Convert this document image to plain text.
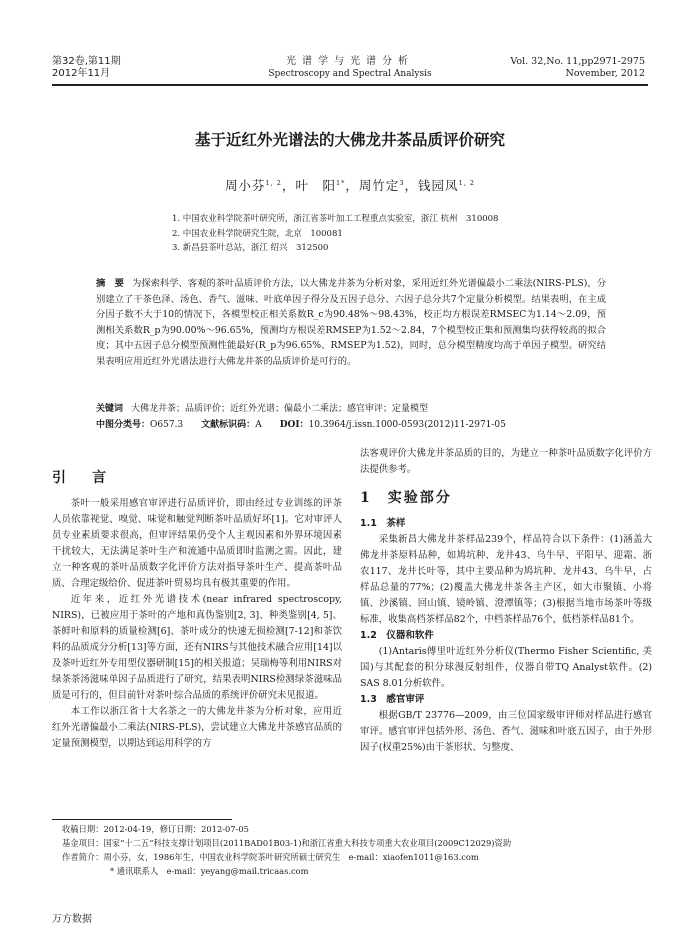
第32卷,第11期
2012年11月
光谱学与光谱分析
Spectroscopy and Spectral Analysis
Vol. 32,No. 11,pp2971-2975
November, 2012
基于近红外光谱法的大佛龙井茶品质评价研究
周小芬$^{1, 2}$，叶　阳$^{1*}$，周竹定$^3$，钱园凤$^{1, 2}$
1. 中国农业科学院茶叶研究所，浙江省茶叶加工工程重点实验室，浙江 杭州　310008
2. 中国农业科学院研究生院，北京　100081
3. 新昌县茶叶总站，浙江 绍兴　312500
摘　要 为探索科学、客观的茶叶品质评价方法，以大佛龙井茶为分析对象，采用近红外光谱偏最小二乘法(NIRS-PLS)，分别建立了干茶色泽、汤色、香气、滋味、叶底单因子得分及五因子总分、六因子总分共7个定量分析模型。结果表明，在主成分因子数不大于10的情况下，各模型校正相关系数R_c为90.48%～98.43%，校正均方根误差RMSEC为1.14～2.09，预测相关系数R_p为90.00%～96.65%，预测均方根误差RMSEP为1.52～2.84，7个模型校正集和预测集均获得较高的拟合度；其中五因子总分模型预测性能最好(R_p为96.65%、RMSEP为1.52)，同时，总分模型精度均高于单因子模型。研究结果表明应用近红外光谱法进行大佛龙井茶的品质评价是可行的。
关键词 大佛龙井茶；品质评价；近红外光谱；偏最小二乘法；感官审评；定量模型
中图分类号：O657.3 文献标识码：A DOI：10.3964/j.issn.1000-0593(2012)11-2971-05
引　言

茶叶一般采用感官审评进行品质评价，即由经过专业训练的评茶人员依靠视觉、嗅觉、味觉和触觉判断茶叶品质好坏[1]。它对审评人员专业素质要求很高，但审评结果仍受个人主观因素和外界环境因素干扰较大，无法满足茶叶生产和流通中品质即时监测之需。因此，建立一种客观的茶叶品质数字化评价方法对指导茶叶生产、提高茶叶品质、合理定级给价、促进茶叶贸易均具有极其重要的作用。

近年来，近红外光谱技术(near infrared spectroscopy, NIRS)，已被应用于茶叶的产地和真伪鉴别[2, 3]、种类鉴别[4, 5]、茶鲜叶和原料的质量检测[6]、茶叶成分的快速无损检测[7-12]和茶饮料的品质成分分析[13]等方面，还有NIRS与其他技术融合应用[14]以及茶叶近红外专用型仪器研制[15]的相关报道；吴瑞梅等利用NIRS对绿茶茶汤滋味单因子品质进行了研究，结果表明NIRS检测绿茶滋味品质是可行的，但目前针对茶叶综合品质的系统评价研究未见报道。

本工作以浙江省十大名茶之一的大佛龙井茶为分析对象，应用近红外光谱偏最小二乘法(NIRS-PLS)，尝试建立大佛龙井茶感官品质的定量预测模型，以期达到运用科学的方

法客观评价大佛龙井茶品质的目的，为建立一种茶叶品质数字化评价方法提供参考。

1　实验部分
1.1　茶样

采集新昌大佛龙井茶样品239个，样品符合以下条件：(1)涵盖大佛龙井茶原料品种，如鸠坑种、龙井43、乌牛早、平阳早、迎霜、浙农117、龙井长叶等，其中主要品种为鸠坑种、龙井43、乌牛早，占样品总量的77%；(2)覆盖大佛龙井茶各主产区，如大市聚镇、小将镇、沙溪镇、回山镇、镜岭镇、澄潭镇等；(3)根据当地市场茶叶等级标准，收集高档茶样品82个，中档茶样品76个，低档茶样品81个。

1.2　仪器和软件

(1)Antaris傅里叶近红外分析仪(Thermo Fisher Scientific, 美国)与其配套的积分球漫反射组件，仪器自带TQ Analyst软件。(2) SAS 8.01分析软件。

1.3　感官审评

根据GB/T 23776—2009，由三位国家级审评师对样品进行感官审评。感官审评包括外形、汤色、香气、滋味和叶底五因子，由于外形因子(权重25%)由干茶形状、匀整度、

收稿日期：2012-04-19，修订日期：2012-07-05
基金项目：国家“十二五”科技支撑计划项目(2011BAD01B03-1)和浙江省重大科技专项重大农业项目(2009C12029)资助
作者简介：周小芬，女，1986年生，中国农业科学院茶叶研究所硕士研究生　e-mail：xiaofen1011@163.com
* 通讯联系人　e-mail：yeyang@mail.tricaas.com
万方数据
